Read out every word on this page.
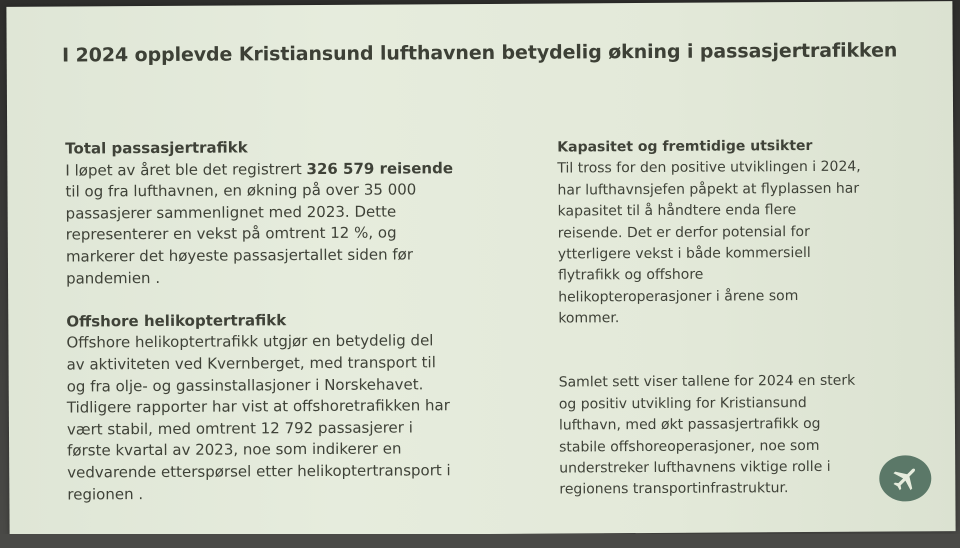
I 2024 opplevde Kristiansund lufthavnen betydelig økning i passasjertrafikken
Total passasjertrafikk
I løpet av året ble det registrert 326 579 reisende
til og fra lufthavnen, en økning på over 35 000
passasjerer sammenlignet med 2023. Dette
representerer en vekst på omtrent 12 %, og
markerer det høyeste passasjertallet siden før
pandemien .
Offshore helikoptertrafikk
Offshore helikoptertrafikk utgjør en betydelig del
av aktiviteten ved Kvernberget, med transport til
og fra olje- og gassinstallasjoner i Norskehavet.
Tidligere rapporter har vist at offshoretrafikken har
vært stabil, med omtrent 12 792 passasjerer i
første kvartal av 2023, noe som indikerer en
vedvarende etterspørsel etter helikoptertransport i
regionen .
Kapasitet og fremtidige utsikter
Til tross for den positive utviklingen i 2024,
har lufthavnsjefen påpekt at flyplassen har
kapasitet til å håndtere enda flere
reisende. Det er derfor potensial for
ytterligere vekst i både kommersiell
flytrafikk og offshore
helikopteroperasjoner i årene som
kommer.
Samlet sett viser tallene for 2024 en sterk
og positiv utvikling for Kristiansund
lufthavn, med økt passasjertrafikk og
stabile offshoreoperasjoner, noe som
understreker lufthavnens viktige rolle i
regionens transportinfrastruktur.
